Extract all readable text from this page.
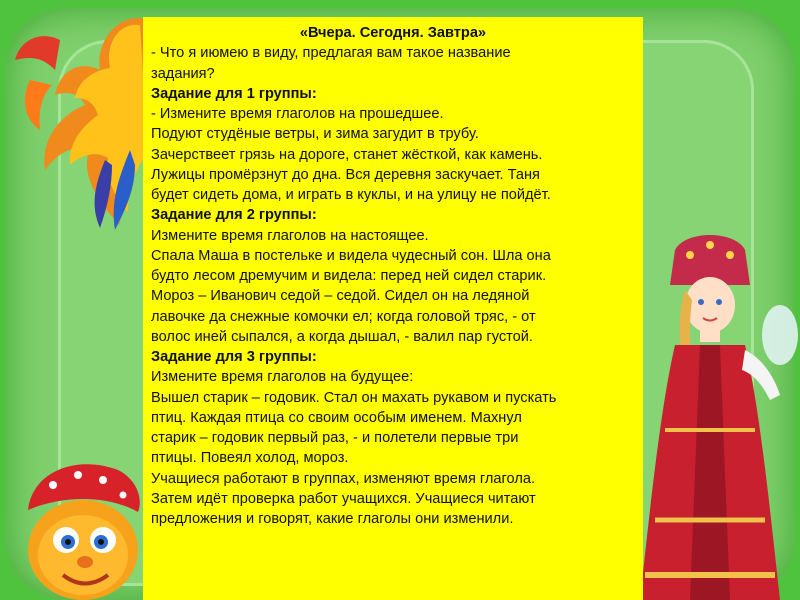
«Вчера. Сегодня. Завтра»

- Что я июмею в виду, предлагая вам такое название

задания?

Задание для 1 группы:

- Измените время глаголов на прошедшее.

Подуют студёные ветры, и зима загудит в трубу.

Зачерствеет грязь на дороге, станет жёсткой, как камень.

Лужицы промёрзнут до дна. Вся деревня заскучает. Таня

будет сидеть дома, и играть в куклы, и на улицу не пойдёт.

Задание для 2 группы:

Измените время глаголов на настоящее.

Спала Маша в постельке и видела чудесный сон. Шла она

будто лесом дремучим и видела: перед ней сидел старик.

Мороз – Иванович седой – седой. Сидел он на ледяной

лавочке да снежные комочки ел; когда головой тряс, - от

волос иней сыпался, а когда дышал, - валил пар густой.

Задание для 3 группы:

Измените время глаголов на будущее:

Вышел старик – годовик. Стал он махать рукавом и пускать

птиц. Каждая птица со своим особым именем. Махнул

старик – годовик первый раз, - и полетели первые три

птицы. Повеял холод, мороз.

Учащиеся работают в группах, изменяют время глагола.

Затем идёт проверка работ учащихся. Учащиеся читают

предложения и говорят, какие глаголы они изменили.
